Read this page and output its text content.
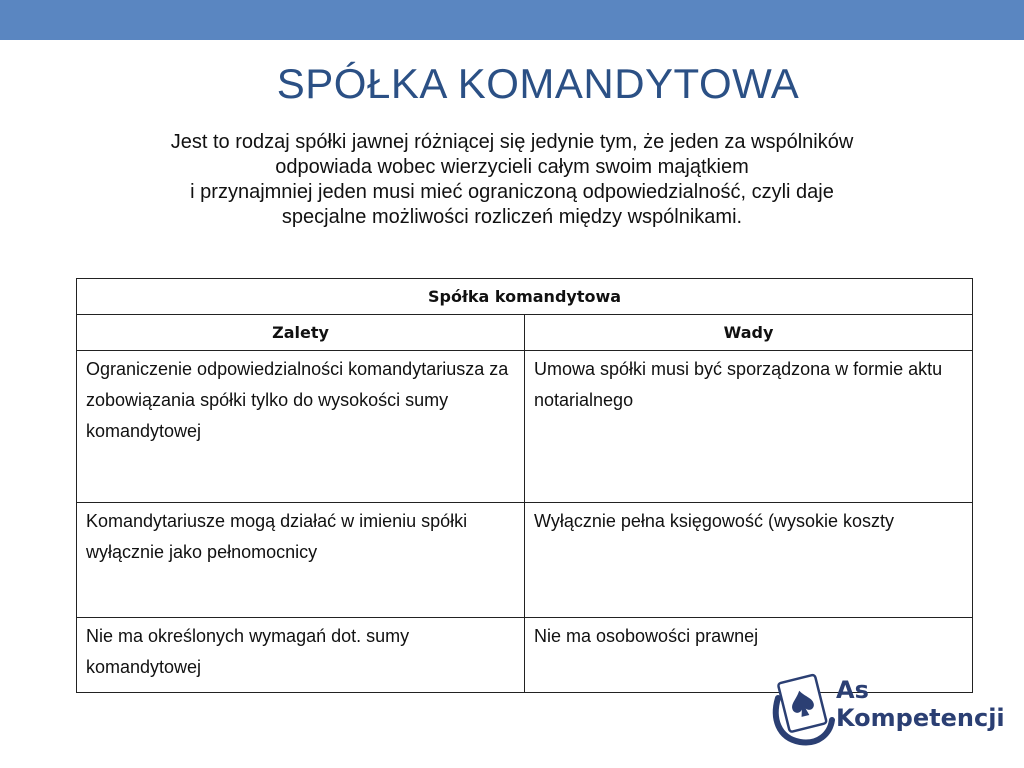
SPÓŁKA KOMANDYTOWA
Jest to rodzaj spółki jawnej różniącej się jedynie tym, że jeden za wspólników
odpowiada wobec wierzycieli całym swoim majątkiem
i przynajmniej jeden musi mieć ograniczoną odpowiedzialność, czyli daje
specjalne możliwości rozliczeń między wspólnikami.
Spółka komandytowa	
Zalety	Wady
Ograniczenie odpowiedzialności komandytariusza za zobowiązania spółki tylko do wysokości sumy komandytowej	Umowa spółki musi być sporządzona w formie aktu notarialnego
Komandytariusze mogą działać w imieniu spółki wyłącznie jako pełnomocnicy	Wyłącznie pełna księgowość (wysokie koszty
Nie ma określonych wymagań dot. sumy komandytowej	Nie ma osobowości prawnej
As
Kompetencji
